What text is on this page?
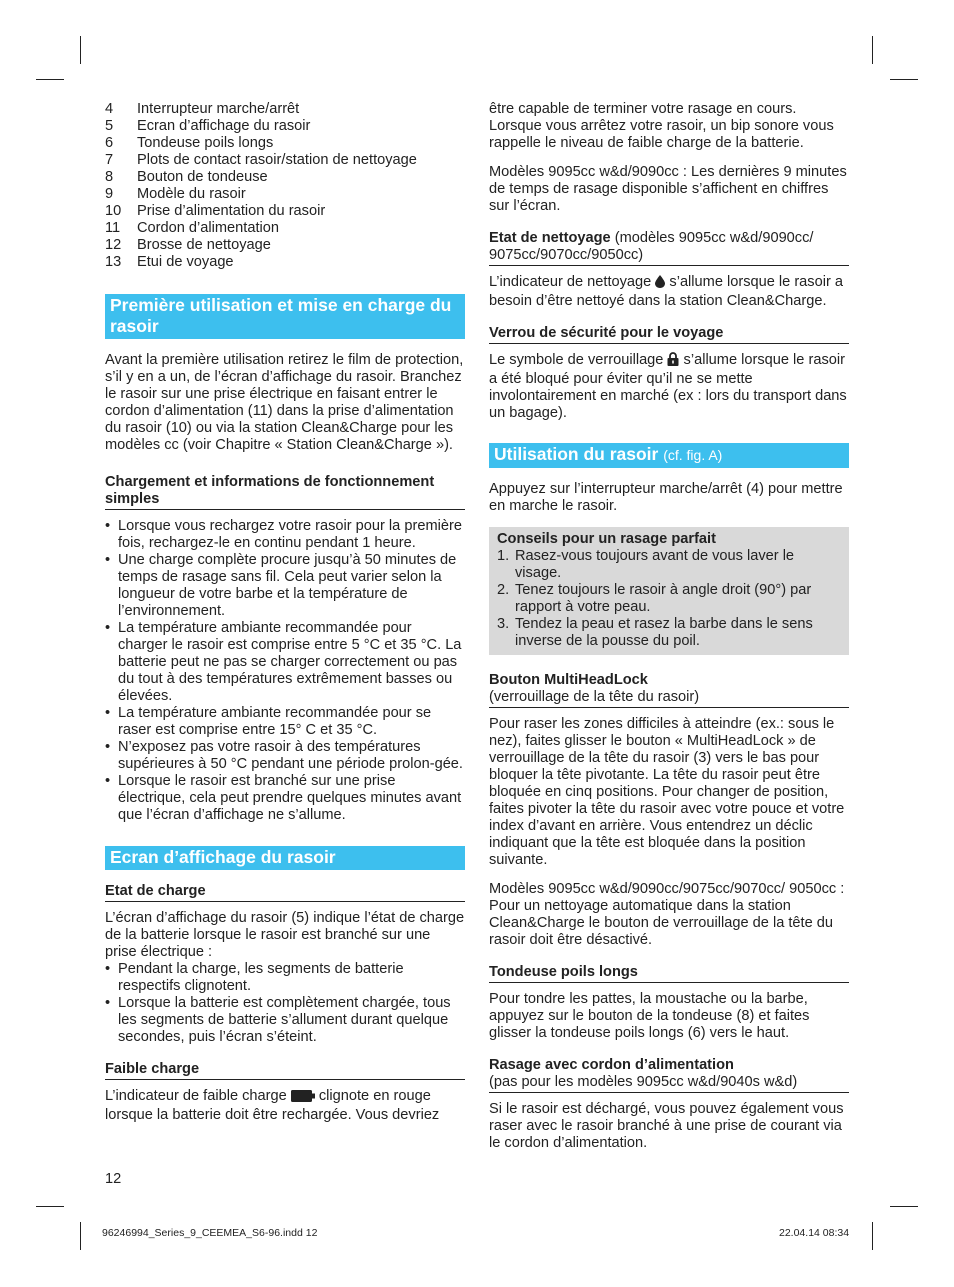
4	Interrupteur marche/arrêt
5	Ecran d’affichage du rasoir
6	Tondeuse poils longs
7	Plots de contact rasoir/station de nettoyage
8	Bouton de tondeuse
9	Modèle du rasoir
10	Prise d’alimentation du rasoir
11	Cordon d’alimentation
12	Brosse de nettoyage
13	Etui de voyage
Première utilisation et mise en charge du rasoir

Avant la première utilisation retirez le film de protection, s’il y en a un, de l’écran d’affichage du rasoir. Branchez le rasoir sur une prise électrique en faisant entrer le cordon d’alimentation (11) dans la prise d’alimentation du rasoir (10) ou via la station Clean&Charge pour les modèles cc (voir Chapitre « Station Clean&Charge »).

Chargement et informations de fonctionnement simples
• Lorsque vous rechargez votre rasoir pour la première fois, rechargez-le en continu pendant 1 heure.
• Une charge complète procure jusqu’à 50 minutes de temps de rasage sans fil. Cela peut varier selon la longueur de votre barbe et la température de l’environnement.
• La température ambiante recommandée pour charger le rasoir est comprise entre 5 °C et 35 °C. La batterie peut ne pas se charger correctement ou pas du tout à des températures extrêmement basses ou élevées.
• La température ambiante recommandée pour se raser est comprise entre 15° C et 35 °C.
• N’exposez pas votre rasoir à des températures supérieures à 50 °C pendant une période prolon-gée.
• Lorsque le rasoir est branché sur une prise électrique, cela peut prendre quelques minutes avant que l’écran d’affichage ne s’allume.
Ecran d’affichage du rasoir
Etat de charge

L’écran d’affichage du rasoir (5) indique l’état de charge de la batterie lorsque le rasoir est branché sur une prise électrique :

• Pendant la charge, les segments de batterie respectifs clignotent.
• Lorsque la batterie est complètement chargée, tous les segments de batterie s’allument durant quelque secondes, puis l’écran s’éteint.
Faible charge

L’indicateur de faible charge clignote en rouge lorsque la batterie doit être rechargée. Vous devriez

être capable de terminer votre rasage en cours. Lorsque vous arrêtez votre rasoir, un bip sonore vous rappelle le niveau de faible charge de la batterie.

Modèles 9095cc w&d/9090cc : Les dernières 9 minutes de temps de rasage disponible s’affichent en chiffres sur l’écran.

Etat de nettoyage (modèles 9095cc w&d/9090cc/ 9075cc/9070cc/9050cc)

L’indicateur de nettoyage s’allume lorsque le rasoir a besoin d’être nettoyé dans la station Clean&Charge.

Verrou de sécurité pour le voyage

Le symbole de verrouillage s’allume lorsque le rasoir a été bloqué pour éviter qu’il ne se mette involontairement en marché (ex : lors du transport dans un bagage).

Utilisation du rasoir (cf. fig. A)

Appuyez sur l’interrupteur marche/arrêt (4) pour mettre en marche le rasoir.

Conseils pour un rasage parfait
1. Rasez-vous toujours avant de vous laver le visage.
2. Tenez toujours le rasoir à angle droit (90°) par rapport à votre peau.
3. Tendez la peau et rasez la barbe dans le sens inverse de la pousse du poil.
Bouton MultiHeadLock
(verrouillage de la tête du rasoir)

Pour raser les zones difficiles à atteindre (ex.: sous le nez), faites glisser le bouton « MultiHeadLock » de verrouillage de la tête du rasoir (3) vers le bas pour bloquer la tête pivotante. La tête du rasoir peut être bloquée en cinq positions. Pour changer de position, faites pivoter la tête du rasoir avec votre pouce et votre index d’avant en arrière. Vous entendrez un déclic indiquant que la tête est bloquée dans la position suivante.

Modèles 9095cc w&d/9090cc/9075cc/9070cc/ 9050cc : Pour un nettoyage automatique dans la station Clean&Charge le bouton de verrouillage de la tête du rasoir doit être désactivé.

Tondeuse poils longs

Pour tondre les pattes, la moustache ou la barbe, appuyez sur le bouton de la tondeuse (8) et faites glisser la tondeuse poils longs (6) vers le haut.

Rasage avec cordon d’alimentation
(pas pour les modèles 9095cc w&d/9040s w&d)

Si le rasoir est déchargé, vous pouvez également vous raser avec le rasoir branché à une prise de courant via le cordon d’alimentation.

12
96246994_Series_9_CEEMEA_S6-96.indd 12	22.04.14 08:34
